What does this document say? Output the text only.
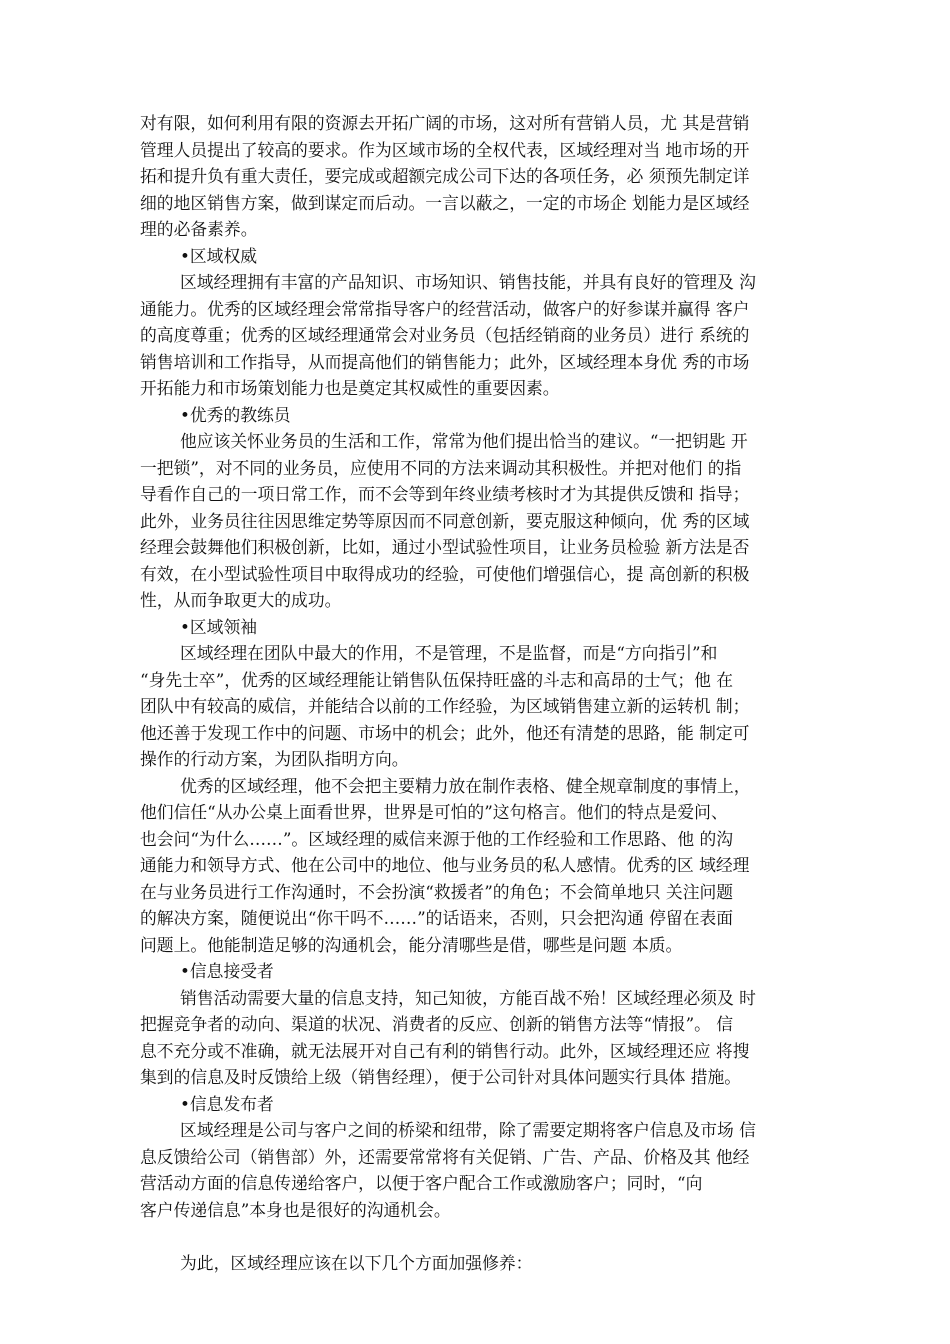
对有限，如何利用有限的资源去开拓广阔的市场，这对所有营销人员，尤 其是营销
管理人员提出了较高的要求。作为区域市场的全权代表，区域经理对当 地市场的开
拓和提升负有重大责任，要完成或超额完成公司下达的各项任务，必 须预先制定详
细的地区销售方案，做到谋定而后动。一言以蔽之，一定的市场企 划能力是区域经
理的必备素养。
•区域权威
区域经理拥有丰富的产品知识、市场知识、销售技能，并具有良好的管理及 沟
通能力。优秀的区域经理会常常指导客户的经营活动，做客户的好参谋并赢得 客户
的高度尊重；优秀的区域经理通常会对业务员（包括经销商的业务员）进行 系统的
销售培训和工作指导，从而提高他们的销售能力；此外，区域经理本身优 秀的市场
开拓能力和市场策划能力也是奠定其权威性的重要因素。
•优秀的教练员
他应该关怀业务员的生活和工作，常常为他们提出恰当的建议。“一把钥匙 开
一把锁”，对不同的业务员，应使用不同的方法来调动其积极性。并把对他们 的指
导看作自己的一项日常工作，而不会等到年终业绩考核时才为其提供反馈和 指导；
此外，业务员往往因思维定势等原因而不同意创新，要克服这种倾向，优 秀的区域
经理会鼓舞他们积极创新，比如，通过小型试验性项目，让业务员检验 新方法是否
有效，在小型试验性项目中取得成功的经验，可使他们增强信心，提 高创新的积极
性，从而争取更大的成功。
•区域领袖
区域经理在团队中最大的作用，不是管理，不是监督，而是“方向指引”和
“身先士卒”，优秀的区域经理能让销售队伍保持旺盛的斗志和高昂的士气；他 在
团队中有较高的威信，并能结合以前的工作经验，为区域销售建立新的运转机 制；
他还善于发现工作中的问题、市场中的机会；此外，他还有清楚的思路，能 制定可
操作的行动方案，为团队指明方向。
优秀的区域经理，他不会把主要精力放在制作表格、健全规章制度的事情上，
他们信任“从办公桌上面看世界，世界是可怕的”这句格言。他们的特点是爱问、
也会问“为什么……”。区域经理的威信来源于他的工作经验和工作思路、他 的沟
通能力和领导方式、他在公司中的地位、他与业务员的私人感情。优秀的区 域经理
在与业务员进行工作沟通时，不会扮演“救援者”的角色；不会简单地只 关注问题
的解决方案，随便说出“你干吗不……”的话语来，否则，只会把沟通 停留在表面
问题上。他能制造足够的沟通机会，能分清哪些是借，哪些是问题 本质。
•信息接受者
销售活动需要大量的信息支持，知己知彼，方能百战不殆！区域经理必须及 时
把握竞争者的动向、渠道的状况、消费者的反应、创新的销售方法等“情报”。 信
息不充分或不准确，就无法展开对自己有利的销售行动。此外，区域经理还应 将搜
集到的信息及时反馈给上级（销售经理），便于公司针对具体问题实行具体 措施。
•信息发布者
区域经理是公司与客户之间的桥梁和纽带，除了需要定期将客户信息及市场 信
息反馈给公司（销售部）外，还需要常常将有关促销、广告、产品、价格及其 他经
营活动方面的信息传递给客户，以便于客户配合工作或激励客户；同时，“向
客户传递信息”本身也是很好的沟通机会。
为此，区域经理应该在以下几个方面加强修养：
